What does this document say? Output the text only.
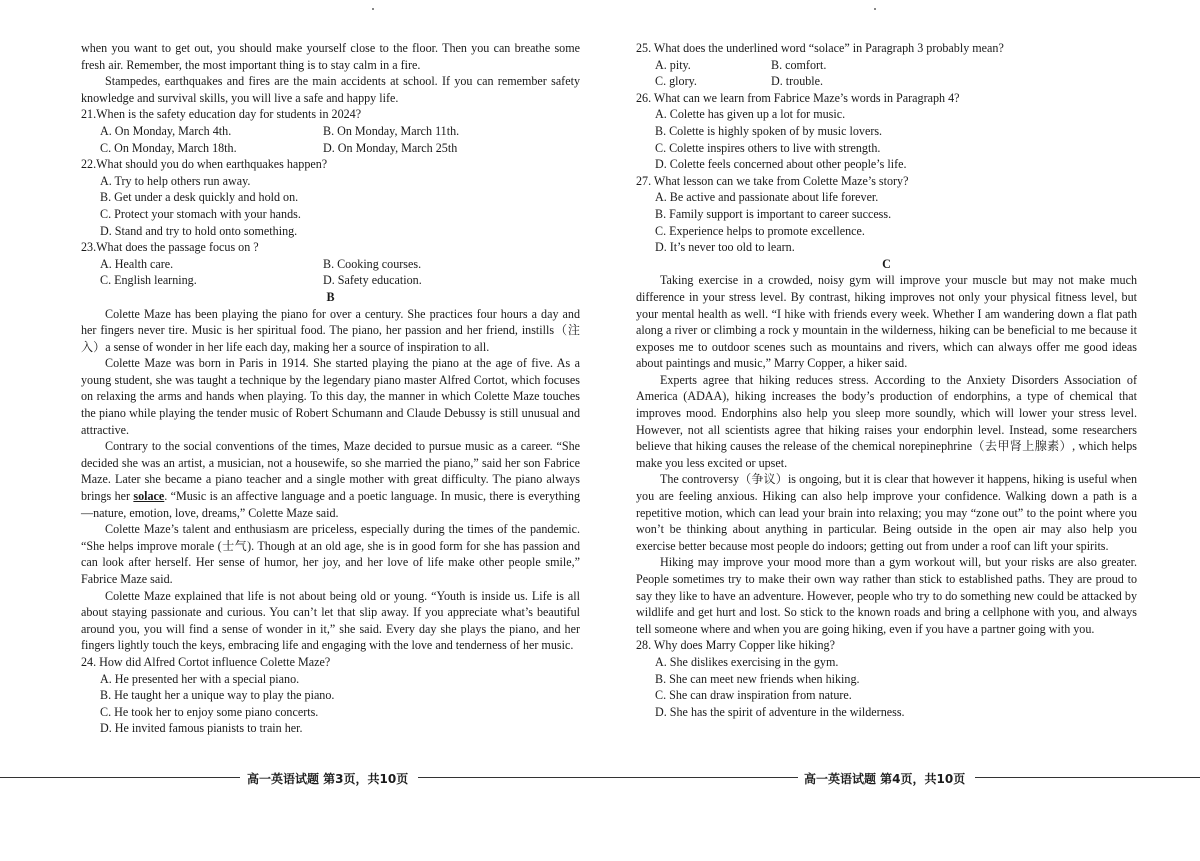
when you want to get out, you should make yourself close to the floor. Then you can breathe some fresh air. Remember, the most important thing is to stay calm in a fire.

Stampedes, earthquakes and fires are the main accidents at school. If you can remember safety knowledge and survival skills, you will live a safe and happy life.

21.When is the safety education day for students in 2024?

A. On Monday, March 4th.	B. On Monday, March 11th.
C. On Monday, March 18th.	D. On Monday, March 25th

22.What should you do when earthquakes happen?

A. Try to help others run away.

B. Get under a desk quickly and hold on.

C. Protect your stomach with your hands.

D. Stand and try to hold onto something.

23.What does the passage focus on ?

A. Health care.	B. Cooking courses.
C. English learning.	D. Safety education.

B

Colette Maze has been playing the piano for over a century. She practices four hours a day and her fingers never tire. Music is her spiritual food. The piano, her passion and her friend, instills（注入）a sense of wonder in her life each day, making her a source of inspiration to all.

Colette Maze was born in Paris in 1914. She started playing the piano at the age of five. As a young student, she was taught a technique by the legendary piano master Alfred Cortot, which focuses on relaxing the arms and hands when playing. To this day, the manner in which Colette Maze touches the piano while playing the tender music of Robert Schumann and Claude Debussy is still unusual and attractive.

Contrary to the social conventions of the times, Maze decided to pursue music as a career. “She decided she was an artist, a musician, not a housewife, so she married the piano,” said her son Fabrice Maze. Later she became a piano teacher and a single mother with great difficulty. The piano always brings her solace. “Music is an affective language and a poetic language. In music, there is everything—nature, emotion, love, dreams,” Colette Maze said.

Colette Maze’s talent and enthusiasm are priceless, especially during the times of the pandemic. “She helps improve morale (士气). Though at an old age, she is in good form for she has passion and can look after herself. Her sense of humor, her joy, and her love of life make other people smile,” Fabrice Maze said.

Colette Maze explained that life is not about being old or young. “Youth is inside us. Life is all about staying passionate and curious. You can’t let that slip away. If you appreciate what’s beautiful around you, you will find a sense of wonder in it,” she said. Every day she plays the piano, and her fingers lightly touch the keys, embracing life and engaging with the love and tenderness of her music.

24. How did Alfred Cortot influence Colette Maze?

A. He presented her with a special piano.

B. He taught her a unique way to play the piano.

C. He took her to enjoy some piano concerts.

D. He invited famous pianists to train her.

25. What does the underlined word “solace” in Paragraph 3 probably mean?

A. pity.	B. comfort.
C. glory.	D. trouble.

26. What can we learn from Fabrice Maze’s words in Paragraph 4?

A. Colette has given up a lot for music.

B. Colette is highly spoken of by music lovers.

C. Colette inspires others to live with strength.

D. Colette feels concerned about other people’s life.

27. What lesson can we take from Colette Maze’s story?

A. Be active and passionate about life forever.

B. Family support is important to career success.

C. Experience helps to promote excellence.

D. It’s never too old to learn.

C

Taking exercise in a crowded, noisy gym will improve your muscle but may not make much difference in your stress level. By contrast, hiking improves not only your physical fitness level, but your mental health as well. “I hike with friends every week. Whether I am wandering down a flat path along a river or climbing a rock y mountain in the wilderness, hiking can be beneficial to me because it exposes me to outdoor scenes such as mountains and rivers, which can always offer me good ideas about paintings and music,” Marry Copper, a hiker said.

Experts agree that hiking reduces stress. According to the Anxiety Disorders Association of America (ADAA), hiking increases the body’s production of endorphins, a type of chemical that improves mood. Endorphins also help you sleep more soundly, which will lower your stress level. However, not all scientists agree that hiking raises your endorphin level. Instead, some researchers believe that hiking causes the release of the chemical norepinephrine（去甲肾上腺素）, which helps make you less excited or upset.

The controversy（争议）is ongoing, but it is clear that however it happens, hiking is useful when you are feeling anxious. Hiking can also help improve your confidence. Walking down a path is a repetitive motion, which can lead your brain into relaxing; you may “zone out” to the point where you won’t be thinking about anything in particular. Being outside in the open air may also help you exercise better because most people do indoors; getting out from under a roof can lift your spirits.

Hiking may improve your mood more than a gym workout will, but your risks are also greater. People sometimes try to make their own way rather than stick to established paths. They are proud to say they like to have an adventure. However, people who try to do something new could be attacked by wildlife and get hurt and lost. So stick to the known roads and bring a cellphone with you, and always tell someone where and when you are going hiking, even if you have a partner going with you.

28. Why does Marry Copper like hiking?

A. She dislikes exercising in the gym.

B. She can meet new friends when hiking.

C. She can draw inspiration from nature.

D. She has the spirit of adventure in the wilderness.

高一英语试题 第3页，共10页	高一英语试题 第4页，共10页
